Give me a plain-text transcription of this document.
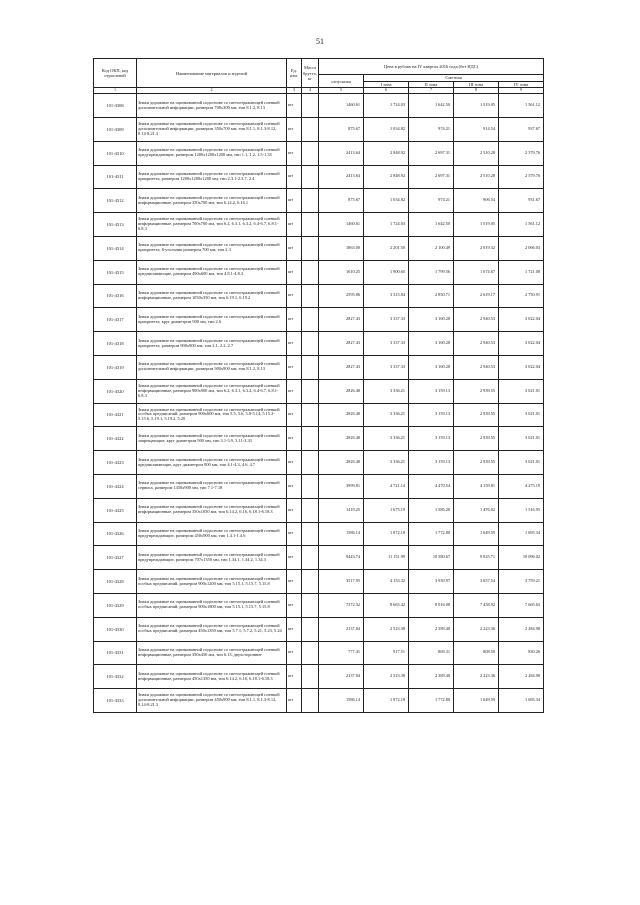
51
Код ОКП, код отраслевой	Наименование материалов и изделий	Ед. изм.	Масса брутто, кг	Цена в рублях на IV квартал 2016 года (без НДС)				
				отпускная	Сметная			
					I зона	II зона	III зона	IV зона
1	2	3	4	5	6	7	8	9
101-4308	Знаки дорожные на оцинкованной подоснове со светоотражающей пленкой дополнительной информации, размером 700х300 мм, тип 8.1.2, 8.13	шт		1460.61	1 724.03	1 642.50	1 519.05	1 561.12
101-4309	Знаки дорожные на оцинкованной подоснове со светоотражающей пленкой дополнительной информации, размером 350х700 мм, тип 8.1.1, 8.1.3-8.12, 8.14-8.21.3	шт		875.67	1 034.82	974.21	914.54	937.67
101-4310	Знаки дорожные на оцинкованной подоснове со светоотражающей пленкой предупреждающие, размером 1200х1200х1200 мм, тип 1.1, 1.2, 1.5-1.33	шт		2413.64	2 848.92	2 697.31	2 510.28	2 579.76
101-4311	Знаки дорожные на оцинкованной подоснове со светоотражающей пленкой приоритета, размером 1200х1200х1200 мм, тип 2.3.1-2.3.7, 2.4	шт		2413.64	2 848.92	2 697.31	2 510.28	2 579.76
101-4312	Знаки дорожные на оцинкованной подоснове со светоотражающей пленкой информационные, размером 350х700 мм, тип 6.14.2, 6.16.1	шт		875.67	1 034.82	974.21	906.54	931.67
101-4313	Знаки дорожные на оцинкованной подоснове со светоотражающей пленкой информационные, размером 700х700 мм, тип 6.2, 6.3.1, 6.3.2, 6.4-6.7, 6.8.1-6.8.3	шт		1460.61	1 724.03	1 642.50	1 519.05	1 561.12
101-4314	Знаки дорожные на оцинкованной подоснове со светоотражающей пленкой приоритета, 8-угольник размером 700 мм, тип 2.3	шт		1863.00	2 201.50	2 100.49	2 019.32	2 066.03
101-4315	Знаки дорожные на оцинкованной подоснове со светоотражающей пленкой предписывающие, размером 490х600 мм, тип 4.8.1-4.8.3	шт		1610.25	1 900.65	1 799.56	1 674.67	1 721.08
101-4316	Знаки дорожные на оцинкованной подоснове со светоотражающей пленкой информационные, размером 1050х350 мм, тип 6.19.1, 6.19.2	шт		2595.86	3 315.84	2 850.71	2 619.17	2 750.91
101-4317	Знаки дорожные на оцинкованной подоснове со светоотражающей пленкой приоритета, круг диаметром 900 мм, тип 2.6	шт		2827.43	3 337.33	3 160.28	2 940.53	3 022.04
101-4318	Знаки дорожные на оцинкованной подоснове со светоотражающей пленкой приоритета, размером 900х900 мм, тип 2.1, 2.2, 2.7	шт		2827.43	3 337.33	3 160.28	2 940.53	3 022.04
101-4319	Знаки дорожные на оцинкованной подоснове со светоотражающей пленкой дополнительной информации, размером 900х900 мм, тип 8.1.2, 8.13	шт		2827.43	3 337.33	3 160.28	2 940.53	3 022.04
101-4320	Знаки дорожные на оцинкованной подоснове со светоотражающей пленкой информационные, размером 900х900 мм, тип 6.2, 6.3.1, 6.3.2, 6.4-6.7, 6.8.1-6.8.3	шт		2826.48	3 336.21	3 159.13	2 939.55	3 021.01
101-4321	Знаки дорожные на оцинкованной подоснове со светоотражающей пленкой особых предписаний, размером 900х600 мм, тип 5.5, 5.6, 5.8-5.14, 5.15.2-5.15.6, 5.19.1, 5.19.2, 5.20	шт		2826.48	3 336.21	3 159.13	2 939.55	3 021.01
101-4322	Знаки дорожные на оцинкованной подоснове со светоотражающей пленкой запрещающие, круг диаметром 900 мм, тип 3.1-3.9, 3.11-3.33	шт		2826.48	3 336.21	3 159.13	2 939.55	3 021.01
101-4323	Знаки дорожные на оцинкованной подоснове со светоотражающей пленкой предписывающие, круг диаметром 900 мм, тип 4.1-4.3, 4.6, 4.7	шт		2826.48	3 336.21	3 159.13	2 939.55	3 021.01
101-4324	Знаки дорожные на оцинкованной подоснове со светоотражающей пленкой сервиса, размером 1350х900 мм, тип 7.1-7.18	шт		3999.81	4 721.14	4 470.54	4 159.81	4 275.19
101-4325	Знаки дорожные на оцинкованной подоснове со светоотражающей пленкой информационные, размером 350х1050 мм, тип 6.14.2, 6.16, 6.18.1-6.18.3	шт		1419.25	1 675.19	1 586.28	1 476.02	1 516.95
101-4326	Знаки дорожные на оцинкованной подоснове со светоотражающей пленкой предупреждающие, размером 450х900 мм, тип 1.4.1-1.4.6	шт		1586.14	1 872.18	1 772.80	1 649.59	1 695.34
101-4327	Знаки дорожные на оцинкованной подоснове со светоотражающей пленкой предупреждающие, размером 707х1350 мм, тип 1.34.1, 1.34.2, 1.34.3	шт		9443.74	11 151.99	10 580.67	9 825.71	10 096.02
101-4328	Знаки дорожные на оцинкованной подоснове со светоотражающей пленкой особых предписаний, размером 900х1200 мм, тип 5.15.1, 5.15.7, 5.15.8	шт		3517.95	4 153.32	3 930.97	3 657.54	3 759.21
101-4329	Знаки дорожные на оцинкованной подоснове со светоотражающей пленкой особых предписаний, размером 900х1800 мм, тип 5.15.1, 5.15.7, 5.15.8	шт		7372.32	8 665.42	8 016.08	7 458.92	7 665.63
101-4330	Знаки дорожные на оцинкованной подоснове со светоотражающей пленкой особых предписаний, размером 450х1350 мм, тип 5.7.1, 5.7.2, 5.21, 5.23, 5.24	шт		2137.84	2 523.38	2 389.40	2 223.36	2 284.98
101-4331	Знаки дорожные на оцинкованной подоснове со светоотражающей пленкой информационные, размером 350х450 мм, тип 6.13, двухсторонние	шт		777.41	917.51	869.31	808.50	830.26
101-4332	Знаки дорожные на оцинкованной подоснове со светоотражающей пленкой информационные, размером 450х1350 мм, тип 6.14.2, 6.16, 6.18.1-6.18.3	шт		2137.84	2 523.38	2 389.40	2 223.36	2 284.98
101-4333	Знаки дорожные на оцинкованной подоснове со светоотражающей пленкой дополнительной информации, размером 450х900 мм, тип 8.1.1, 8.1.3-8.12, 8.14-8.21.3	шт		1586.14	1 872.18	1 772.80	1 649.59	1 695.34
